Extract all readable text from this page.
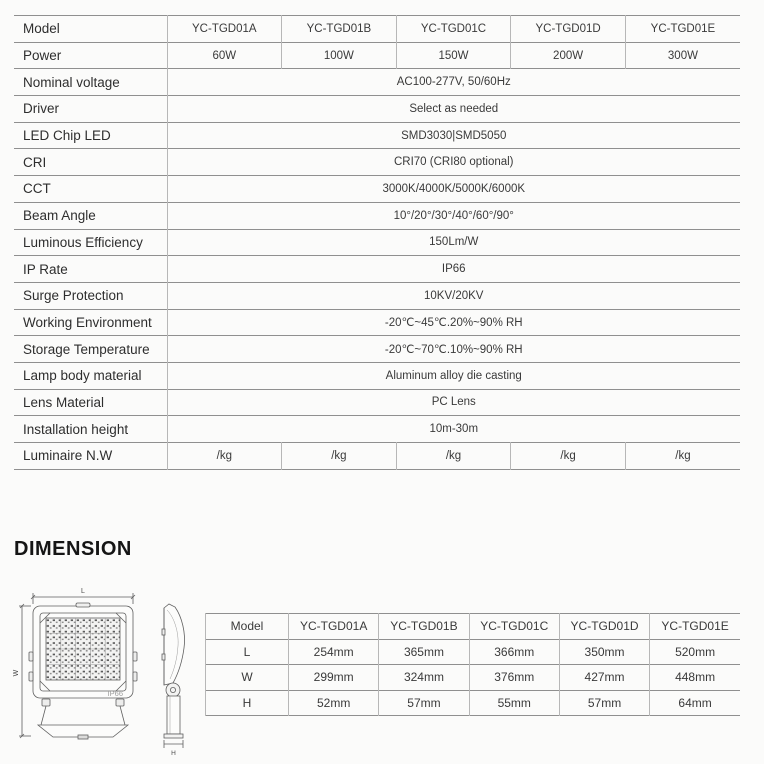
Model	YC-TGD01A	YC-TGD01B	YC-TGD01C	YC-TGD01D	YC-TGD01E
Power	60W	100W	150W	200W	300W
Nominal voltage	AC100-277V, 50/60Hz				
Driver	Select as needed				
LED Chip LED	SMD3030|SMD5050				
CRI	CRI70 (CRI80 optional)				
CCT	3000K/4000K/5000K/6000K				
Beam Angle	10°/20°/30°/40°/60°/90°				
Luminous Efficiency	150Lm/W				
IP Rate	IP66				
Surge Protection	10KV/20KV				
Working Environment	-20℃~45℃.20%~90% RH				
Storage Temperature	-20℃~70℃.10%~90% RH				
Lamp body material	Aluminum alloy die casting				
Lens Material	PC Lens				
Installation height	10m-30m				
Luminaire N.W	/kg	/kg	/kg	/kg	/kg
DIMENSION
L
W
H
IP66
Model	YC-TGD01A	YC-TGD01B	YC-TGD01C	YC-TGD01D	YC-TGD01E
L	254mm	365mm	366mm	350mm	520mm
W	299mm	324mm	376mm	427mm	448mm
H	52mm	57mm	55mm	57mm	64mm
